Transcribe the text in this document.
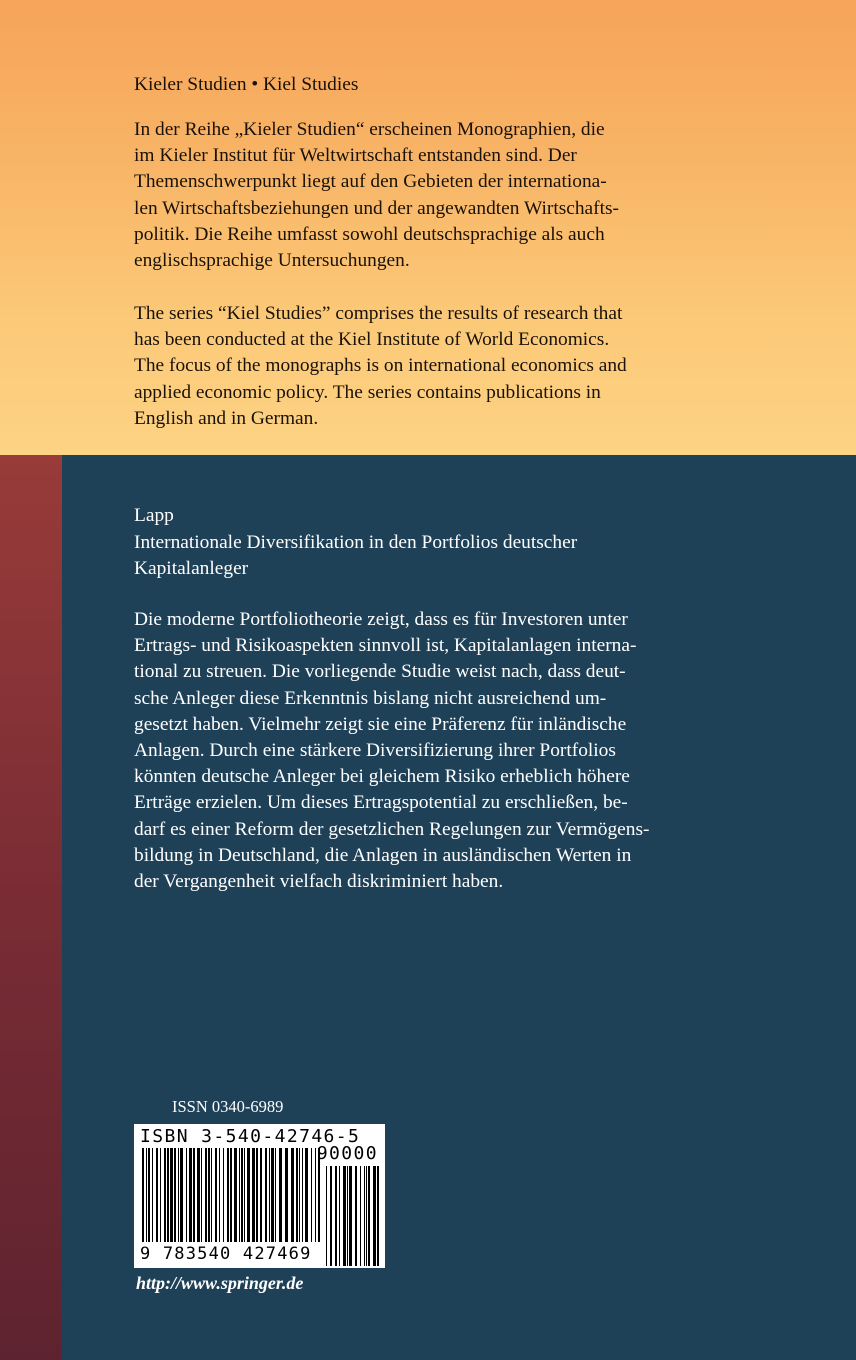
Kieler Studien • Kiel Studies

In der Reihe „Kieler Studien“ erscheinen Monographien, die
im Kieler Institut für Weltwirtschaft entstanden sind. Der
Themenschwerpunkt liegt auf den Gebieten der internationa-
len Wirtschaftsbeziehungen und der angewandten Wirtschafts-
politik. Die Reihe umfasst sowohl deutschsprachige als auch
englischsprachige Untersuchungen.

The series “Kiel Studies” comprises the results of research that
has been conducted at the Kiel Institute of World Economics.
The focus of the monographs is on international economics and
applied economic policy. The series contains publications in
English and in German.

Lapp

Internationale Diversifikation in den Portfolios deutscher
Kapitalanleger

Die moderne Portfoliotheorie zeigt, dass es für Investoren unter
Ertrags- und Risikoaspekten sinnvoll ist, Kapitalanlagen interna-
tional zu streuen. Die vorliegende Studie weist nach, dass deut-
sche Anleger diese Erkenntnis bislang nicht ausreichend um-
gesetzt haben. Vielmehr zeigt sie eine Präferenz für inländische
Anlagen. Durch eine stärkere Diversifizierung ihrer Portfolios
könnten deutsche Anleger bei gleichem Risiko erheblich höhere
Erträge erzielen. Um dieses Ertragspotential zu erschließen, be-
darf es einer Reform der gesetzlichen Regelungen zur Vermögens-
bildung in Deutschland, die Anlagen in ausländischen Werten in
der Vergangenheit vielfach diskriminiert haben.

ISSN 0340-6989
ISBN 3-540-42746-5
90000
9 783540 427469
http://www.springer.de
